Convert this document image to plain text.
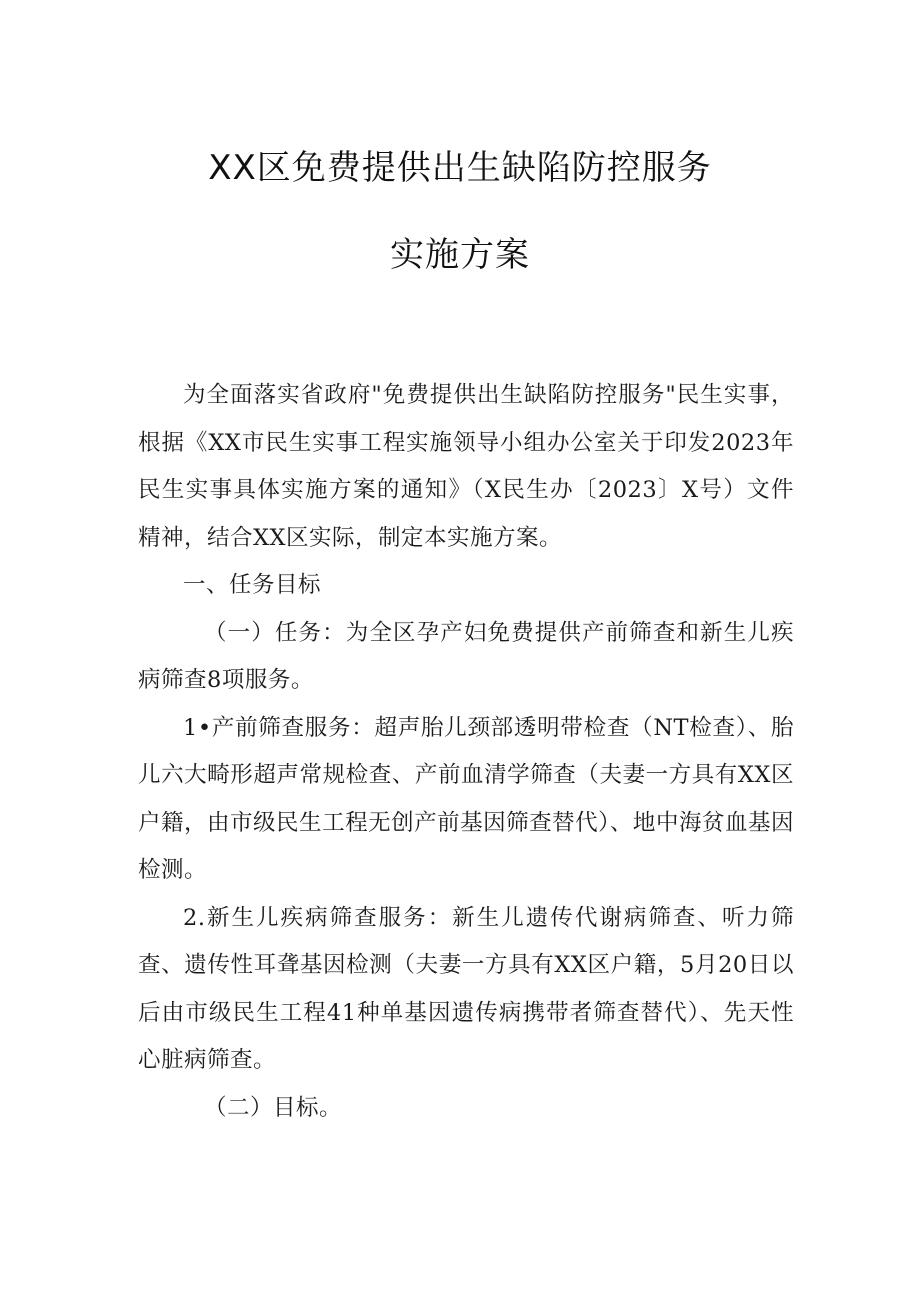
XX区免费提供出生缺陷防控服务
实施方案

为全面落实省政府"免费提供出生缺陷防控服务"民生实事，根据《XX市民生实事工程实施领导小组办公室关于印发2023年民生实事具体实施方案的通知》（X民生办〔2023〕X号）文件精神，结合XX区实际，制定本实施方案。

一、任务目标

（一）任务：为全区孕产妇免费提供产前筛查和新生儿疾病筛查8项服务。

1•产前筛查服务：超声胎儿颈部透明带检查（NT检查）、胎儿六大畸形超声常规检查、产前血清学筛查（夫妻一方具有XX区户籍，由市级民生工程无创产前基因筛查替代）、地中海贫血基因检测。

2.新生儿疾病筛查服务：新生儿遗传代谢病筛查、听力筛查、遗传性耳聋基因检测（夫妻一方具有XX区户籍，5月20日以后由市级民生工程41种单基因遗传病携带者筛查替代）、先天性心脏病筛查。

（二）目标。
